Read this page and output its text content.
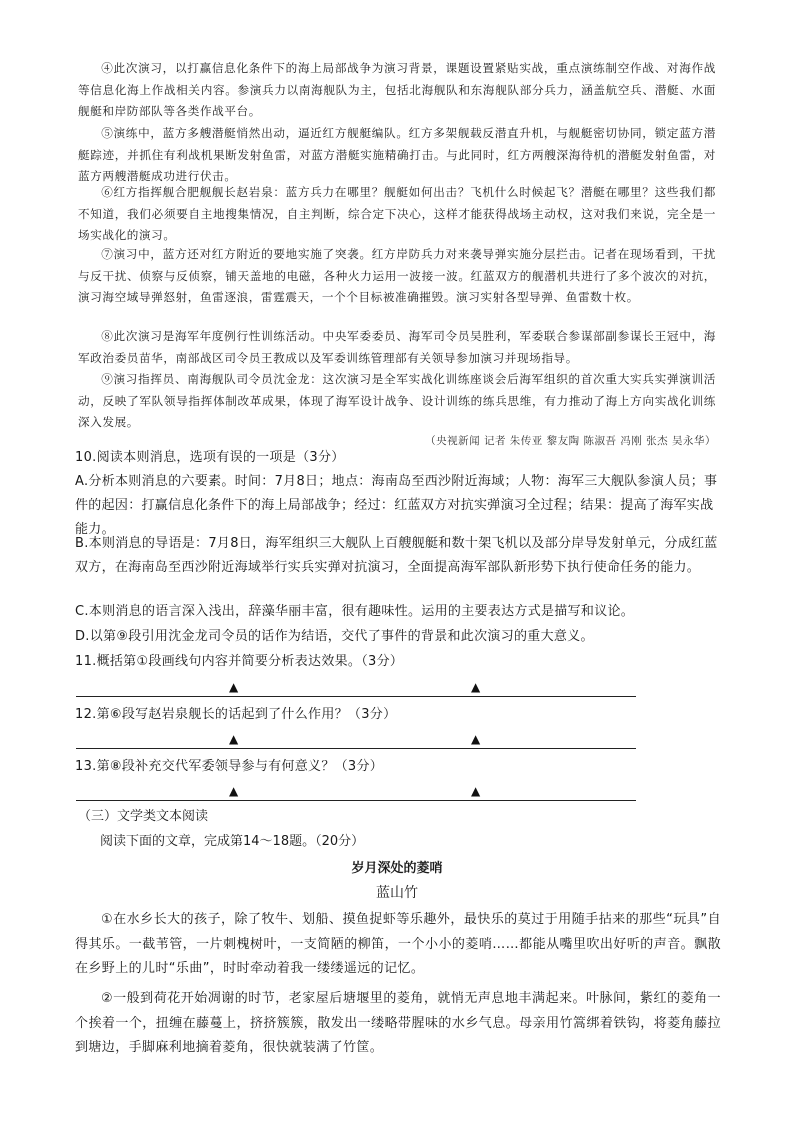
④此次演习，以打赢信息化条件下的海上局部战争为演习背景，课题设置紧贴实战，重点演练制空作战、对海作战等信息化海上作战相关内容。参演兵力以南海舰队为主，包括北海舰队和东海舰队部分兵力，涵盖航空兵、潜艇、水面舰艇和岸防部队等各类作战平台。
⑤演练中，蓝方多艘潜艇悄然出动，逼近红方舰艇编队。红方多架舰载反潜直升机，与舰艇密切协同，锁定蓝方潜艇踪迹，并抓住有利战机果断发射鱼雷，对蓝方潜艇实施精确打击。与此同时，红方两艘深海待机的潜艇发射鱼雷，对蓝方两艘潜艇成功进行伏击。
⑥红方指挥舰合肥舰舰长赵岩泉：蓝方兵力在哪里？舰艇如何出击？飞机什么时候起飞？潜艇在哪里？这些我们都不知道，我们必须要自主地搜集情况，自主判断，综合定下决心，这样才能获得战场主动权，这对我们来说，完全是一场实战化的演习。
⑦演习中，蓝方还对红方附近的要地实施了突袭。红方岸防兵力对来袭导弹实施分层拦击。记者在现场看到，干扰与反干扰、侦察与反侦察，铺天盖地的电磁，各种火力运用一波接一波。红蓝双方的舰潜机共进行了多个波次的对抗，演习海空域导弹怒射，鱼雷逐浪，雷霆震天，一个个目标被准确摧毁。演习实射各型导弹、鱼雷数十枚。
⑧此次演习是海军年度例行性训练活动。中央军委委员、海军司令员吴胜利，军委联合参谋部副参谋长王冠中，海军政治委员苗华，南部战区司令员王教成以及军委训练管理部有关领导参加演习并现场指导。
⑨演习指挥员、南海舰队司令员沈金龙：这次演习是全军实战化训练座谈会后海军组织的首次重大实兵实弹演训活动，反映了军队领导指挥体制改革成果，体现了海军设计战争、设计训练的练兵思维，有力推动了海上方向实战化训练深入发展。
（央视新闻 记者 朱传亚 黎友陶 陈淑吾 冯刚 张杰 吴永华）
10.阅读本则消息，选项有误的一项是（3分）
A.分析本则消息的六要素。时间：7月8日；地点：海南岛至西沙附近海域；人物：海军三大舰队参演人员；事件的起因：打赢信息化条件下的海上局部战争；经过：红蓝双方对抗实弹演习全过程；结果：提高了海军实战能力。
B.本则消息的导语是：7月8日，海军组织三大舰队上百艘舰艇和数十架飞机以及部分岸导发射单元，分成红蓝双方，在海南岛至西沙附近海域举行实兵实弹对抗演习，全面提高海军部队新形势下执行使命任务的能力。
C.本则消息的语言深入浅出，辞藻华丽丰富，很有趣味性。运用的主要表达方式是描写和议论。
D.以第⑨段引用沈金龙司令员的话作为结语，交代了事件的背景和此次演习的重大意义。
11.概括第①段画线句内容并简要分析表达效果。（3分）
▲	▲
12.第⑥段写赵岩泉舰长的话起到了什么作用？（3分）
▲	▲
13.第⑧段补充交代军委领导参与有何意义？（3分）
▲	▲
（三）文学类文本阅读
阅读下面的文章，完成第14～18题。（20分）
岁月深处的菱哨
蓝山竹
①在水乡长大的孩子，除了牧牛、划船、摸鱼捉虾等乐趣外，最快乐的莫过于用随手拈来的那些“玩具”自得其乐。一截苇管，一片刺槐树叶，一支简陋的柳笛，一个小小的菱哨……都能从嘴里吹出好听的声音。飘散在乡野上的儿时“乐曲”，时时牵动着我一缕缕遥远的记忆。
②一般到荷花开始凋谢的时节，老家屋后塘堰里的菱角，就悄无声息地丰满起来。叶脉间，紫红的菱角一个挨着一个，扭缠在藤蔓上，挤挤簇簇，散发出一缕略带腥味的水乡气息。母亲用竹篙绑着铁钩，将菱角藤拉到塘边，手脚麻利地摘着菱角，很快就装满了竹筐。
